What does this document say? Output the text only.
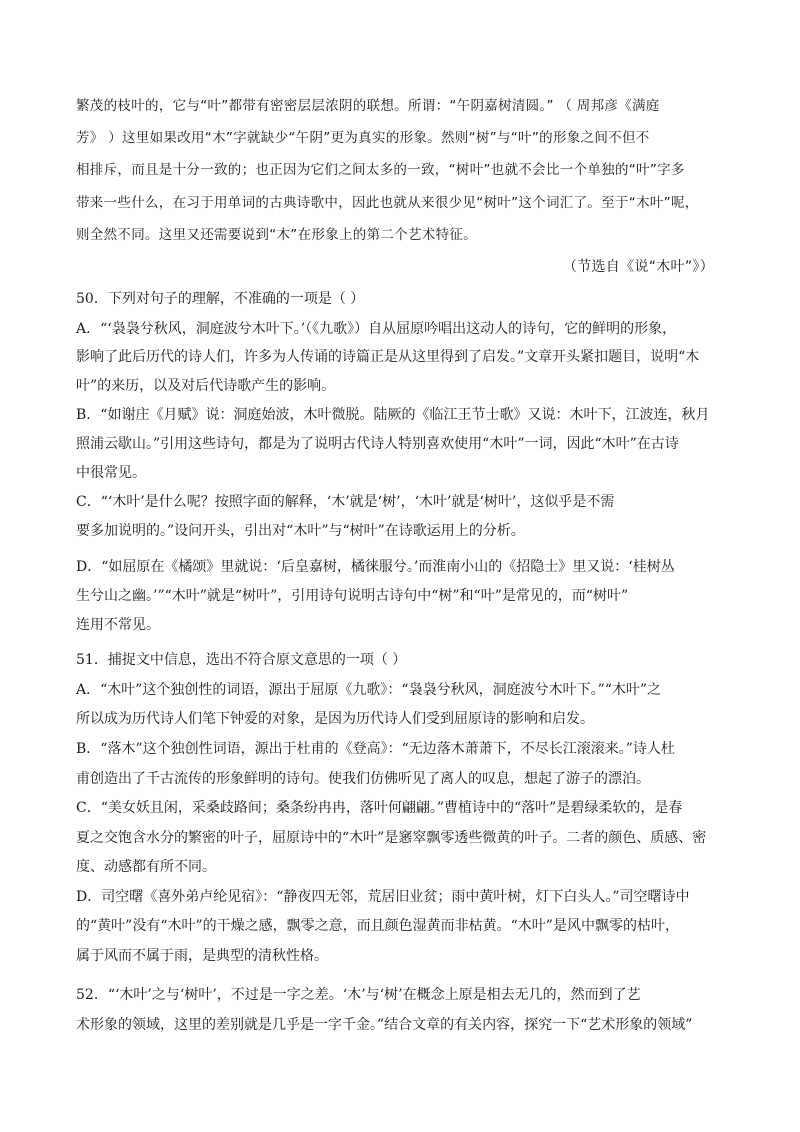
繁茂的枝叶的，它与“叶”都带有密密层层浓阴的联想。所谓：“午阴嘉树清圆。” （ 周邦彦《满庭
芳》 ）这里如果改用“木”字就缺少“午阴”更为真实的形象。然则“树”与“叶”的形象之间不但不
相排斥，而且是十分一致的；也正因为它们之间太多的一致，“树叶”也就不会比一个单独的“叶”字多
带来一些什么，在习于用单词的古典诗歌中，因此也就从来很少见“树叶”这个词汇了。至于“木叶”呢，
则全然不同。这里又还需要说到“木”在形象上的第二个艺术特征。
（节选自《说“木叶”》）
50．下列对句子的理解，不准确的一项是（ ）
A．“‘袅袅兮秋风，洞庭波兮木叶下。’（《九歌》）自从屈原吟唱出这动人的诗句，它的鲜明的形象，
影响了此后历代的诗人们，许多为人传诵的诗篇正是从这里得到了启发。”文章开头紧扣题目，说明“木
叶”的来历，以及对后代诗歌产生的影响。
B．“如谢庄《月赋》说：洞庭始波，木叶微脱。陆厥的《临江王节士歌》又说：木叶下，江波连，秋月
照浦云歇山。”引用这些诗句，都是为了说明古代诗人特别喜欢使用“木叶”一词，因此“木叶”在古诗
中很常见。
C．“‘木叶’是什么呢？按照字面的解释，‘木’就是‘树’，‘木叶’就是‘树叶’，这似乎是不需
要多加说明的。”设问开头，引出对“木叶”与“树叶”在诗歌运用上的分析。
D．“如屈原在《橘颂》里就说：‘后皇嘉树，橘徕服兮。’而淮南小山的《招隐士》里又说：‘桂树丛
生兮山之幽。’”“木叶”就是“树叶”，引用诗句说明古诗句中“树”和“叶”是常见的，而“树叶”
连用不常见。
51．捕捉文中信息，选出不符合原文意思的一项（ ）
A．“木叶”这个独创性的词语，源出于屈原《九歌》：“袅袅兮秋风，洞庭波兮木叶下。”“木叶”之
所以成为历代诗人们笔下钟爱的对象，是因为历代诗人们受到屈原诗的影响和启发。
B．“落木”这个独创性词语，源出于杜甫的《登高》：“无边落木萧萧下，不尽长江滚滚来。”诗人杜
甫创造出了千古流传的形象鲜明的诗句。使我们仿佛听见了离人的叹息，想起了游子的漂泊。
C．“美女妖且闲，采桑歧路间；桑条纷冉冉，落叶何翩翩。”曹植诗中的“落叶”是碧绿柔软的，是春
夏之交饱含水分的繁密的叶子，屈原诗中的“木叶”是窸窣飘零透些微黄的叶子。二者的颜色、质感、密
度、动感都有所不同。
D．司空曙《喜外弟卢纶见宿》：“静夜四无邻，荒居旧业贫；雨中黄叶树，灯下白头人。”司空曙诗中
的“黄叶”没有“木叶”的干燥之感，飘零之意，而且颜色湿黄而非枯黄。“木叶”是风中飘零的枯叶，
属于风而不属于雨，是典型的清秋性格。
52．“‘木叶’之与‘树叶’，不过是一字之差。‘木’与‘树’在概念上原是相去无几的，然而到了艺
术形象的领域，这里的差别就是几乎是一字千金。”结合文章的有关内容，探究一下“艺术形象的领域”
